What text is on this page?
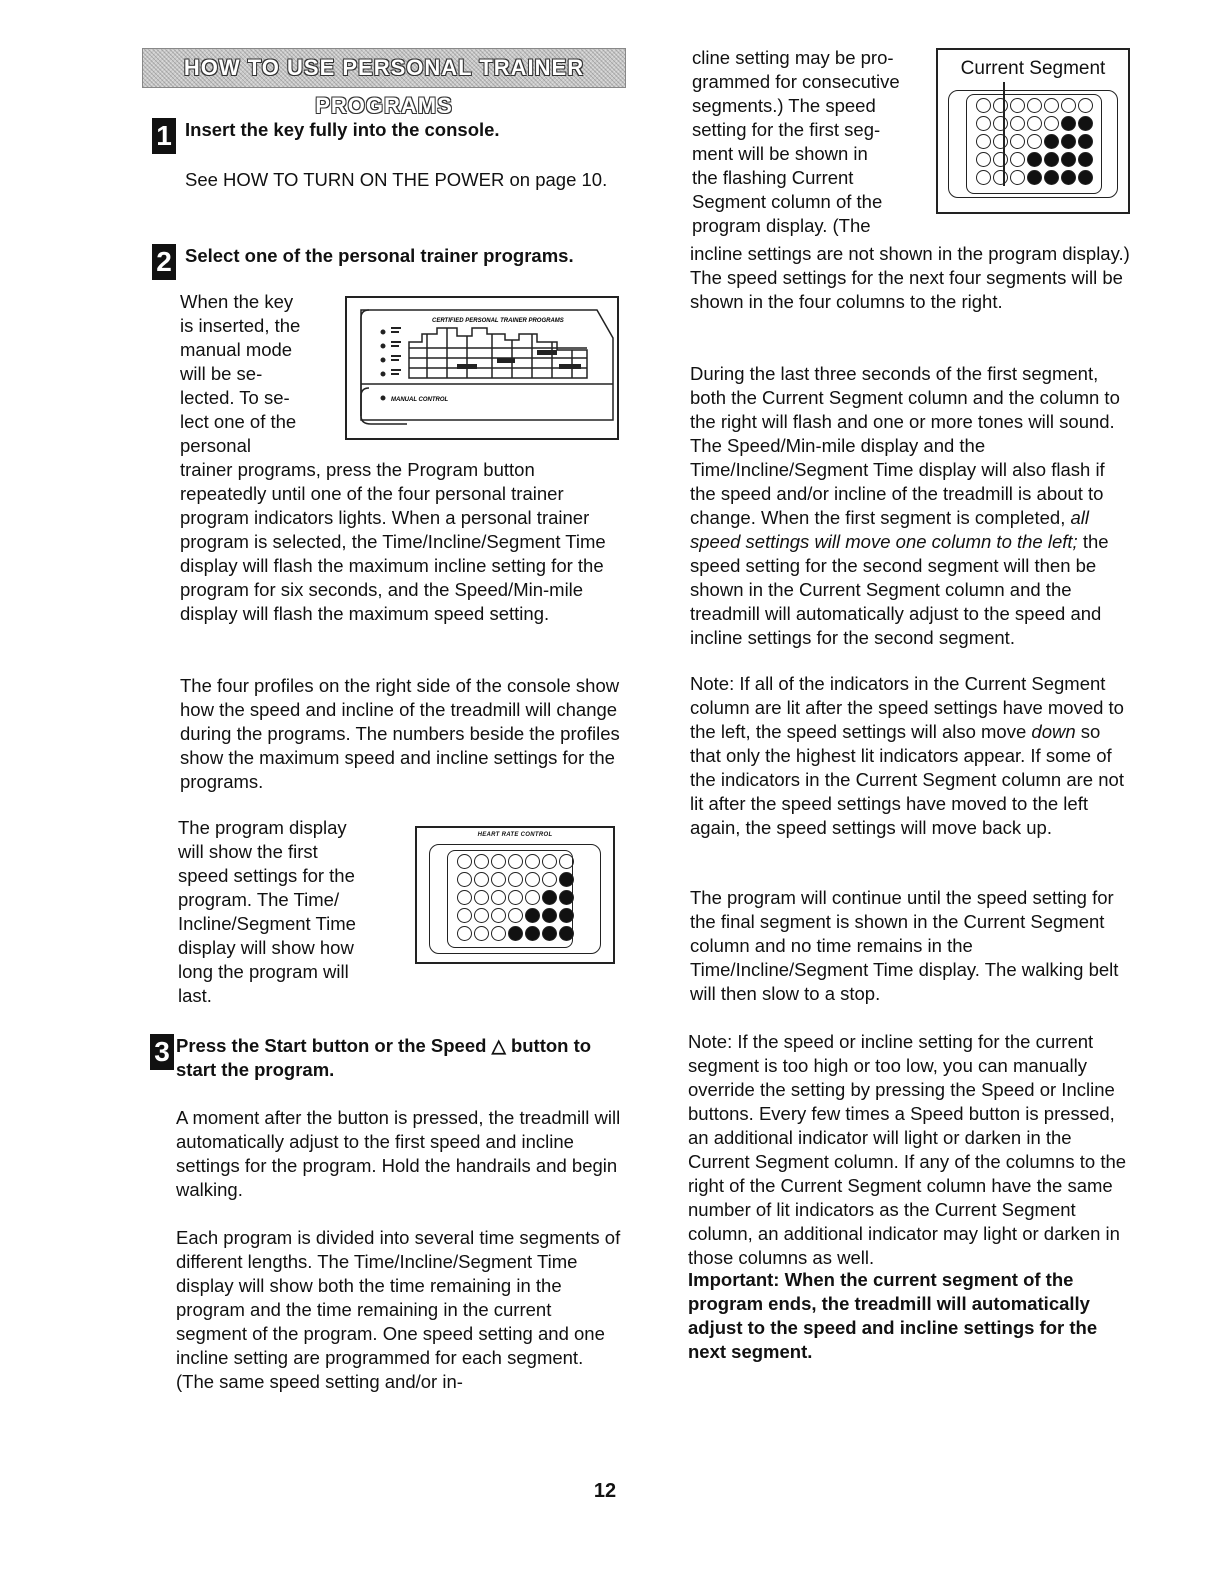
HOW TO USE PERSONAL TRAINER PROGRAMS
1 Insert the key fully into the console.
See HOW TO TURN ON THE POWER on page 10.
2 Select one of the personal trainer programs.
When the key
is inserted, the
manual mode
will be se-
lected. To se-
lect one of the
personal
CERTIFIED PERSONAL TRAINER PROGRAMS
MANUAL CONTROL
trainer programs, press the Program button repeatedly until one of the four personal trainer program indicators lights. When a personal trainer program is selected, the Time/Incline/Segment Time display will flash the maximum incline setting for the program for six seconds, and the Speed/Min-mile display will flash the maximum speed setting.
The four profiles on the right side of the console show how the speed and incline of the treadmill will change during the programs. The numbers beside the profiles show the maximum speed and incline settings for the programs.
The program display
will show the first
speed settings for the
program. The Time/
Incline/Segment Time
display will show how
long the program will
last.
HEART RATE CONTROL
3 Press the Start button or the Speed △ button to start the program.
A moment after the button is pressed, the treadmill will automatically adjust to the first speed and incline settings for the program. Hold the handrails and begin walking.
Each program is divided into several time segments of different lengths. The Time/Incline/Segment Time display will show both the time remaining in the program and the time remaining in the current segment of the program. One speed setting and one incline setting are programmed for each segment. (The same speed setting and/or in-
cline setting may be pro-
grammed for consecutive
segments.) The speed
setting for the first seg-
ment will be shown in
the flashing Current
Segment column of the
program display. (The
Current Segment
incline settings are not shown in the program display.) The speed settings for the next four segments will be shown in the four columns to the right.
During the last three seconds of the first segment, both the Current Segment column and the column to the right will flash and one or more tones will sound. The Speed/Min-mile display and the Time/Incline/Segment Time display will also flash if the speed and/or incline of the treadmill is about to change. When the first segment is completed, all speed settings will move one column to the left; the speed setting for the second segment will then be shown in the Current Segment column and the treadmill will automatically adjust to the speed and incline settings for the second segment.
Note: If all of the indicators in the Current Segment column are lit after the speed settings have moved to the left, the speed settings will also move down so that only the highest lit indicators appear. If some of the indicators in the Current Segment column are not lit after the speed settings have moved to the left again, the speed settings will move back up.
The program will continue until the speed setting for the final segment is shown in the Current Segment column and no time remains in the Time/Incline/Segment Time display. The walking belt will then slow to a stop.
Note: If the speed or incline setting for the current segment is too high or too low, you can manually override the setting by pressing the Speed or Incline buttons. Every few times a Speed button is pressed, an additional indicator will light or darken in the Current Segment column. If any of the columns to the right of the Current Segment column have the same number of lit indicators as the Current Segment column, an additional indicator may light or darken in those columns as well.
Important: When the current segment of the program ends, the treadmill will automatically adjust to the speed and incline settings for the next segment.
12
